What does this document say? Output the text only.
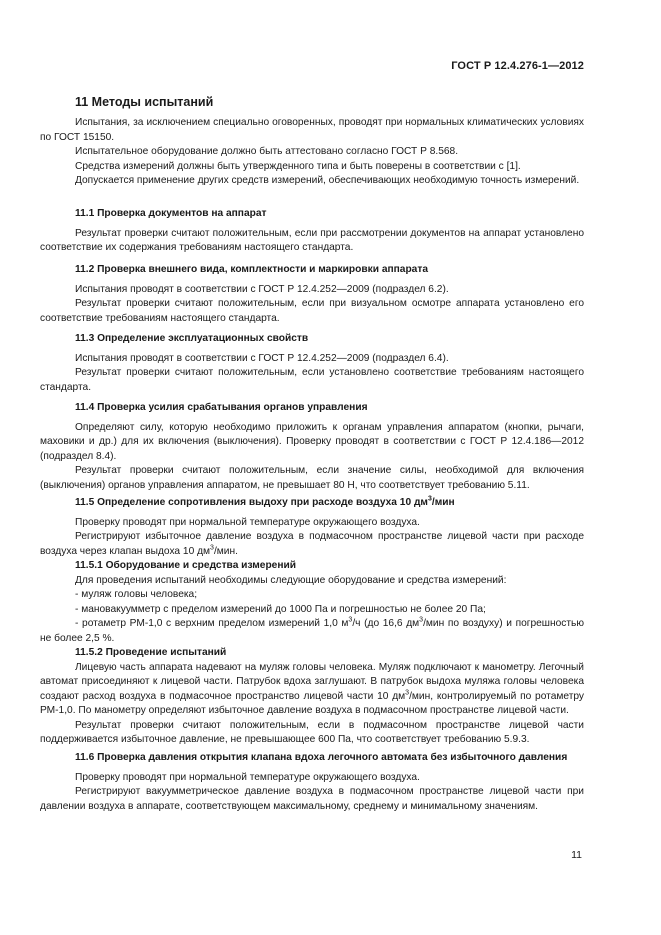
ГОСТ Р 12.4.276-1—2012
11 Методы испытаний

Испытания, за исключением специально оговоренных, проводят при нормальных климатических условиях по ГОСТ 15150.

Испытательное оборудование должно быть аттестовано согласно ГОСТ Р 8.568.

Средства измерений должны быть утвержденного типа и быть поверены в соответствии с [1].

Допускается применение других средств измерений, обеспечивающих необходимую точность измерений.

11.1 Проверка документов на аппарат

Результат проверки считают положительным, если при рассмотрении документов на аппарат установлено соответствие их содержания требованиям настоящего стандарта.

11.2 Проверка внешнего вида, комплектности и маркировки аппарата

Испытания проводят в соответствии с ГОСТ Р 12.4.252—2009 (подраздел 6.2).

Результат проверки считают положительным, если при визуальном осмотре аппарата установлено его соответствие требованиям настоящего стандарта.

11.3 Определение эксплуатационных свойств

Испытания проводят в соответствии с ГОСТ Р 12.4.252—2009 (подраздел 6.4).

Результат проверки считают положительным, если установлено соответствие требованиям настоящего стандарта.

11.4 Проверка усилия срабатывания органов управления

Определяют силу, которую необходимо приложить к органам управления аппаратом (кнопки, рычаги, маховики и др.) для их включения (выключения). Проверку проводят в соответствии с ГОСТ Р 12.4.186—2012 (подраздел 8.4).

Результат проверки считают положительным, если значение силы, необходимой для включения (выключения) органов управления аппаратом, не превышает 80 Н, что соответствует требованию 5.11.

11.5 Определение сопротивления выдоху при расходе воздуха 10 $дм^3$/мин

Проверку проводят при нормальной температуре окружающего воздуха.

Регистрируют избыточное давление воздуха в подмасочном пространстве лицевой части при расходе воздуха через клапан выдоха 10 $дм^3$/мин.

11.5.1 Оборудование и средства измерений

Для проведения испытаний необходимы следующие оборудование и средства измерений:

- муляж головы человека;

- мановакуумметр с пределом измерений до 1000 Па и погрешностью не более 20 Па;

- ротаметр РМ-1,0 с верхним пределом измерений 1,0 $м^3/ч$ (до 16,6 $дм^3$/мин по воздуху) и погрешностью не более 2,5 %.

11.5.2 Проведение испытаний

Лицевую часть аппарата надевают на муляж головы человека. Муляж подключают к манометру. Легочный автомат присоединяют к лицевой части. Патрубок вдоха заглушают. В патрубок выдоха муляжа головы человека создают расход воздуха в подмасочное пространство лицевой части 10 $дм^3$/мин, контролируемый по ротаметру РМ-1,0. По манометру определяют избыточное давление воздуха в подмасочном пространстве лицевой части.

Результат проверки считают положительным, если в подмасочном пространстве лицевой части поддерживается избыточное давление, не превышающее 600 Па, что соответствует требованию 5.9.3.

11.6 Проверка давления открытия клапана вдоха легочного автомата без избыточного давления

Проверку проводят при нормальной температуре окружающего воздуха.

Регистрируют вакуумметрическое давление воздуха в подмасочном пространстве лицевой части при давлении воздуха в аппарате, соответствующем максимальному, среднему и минимальному значениям.

11
